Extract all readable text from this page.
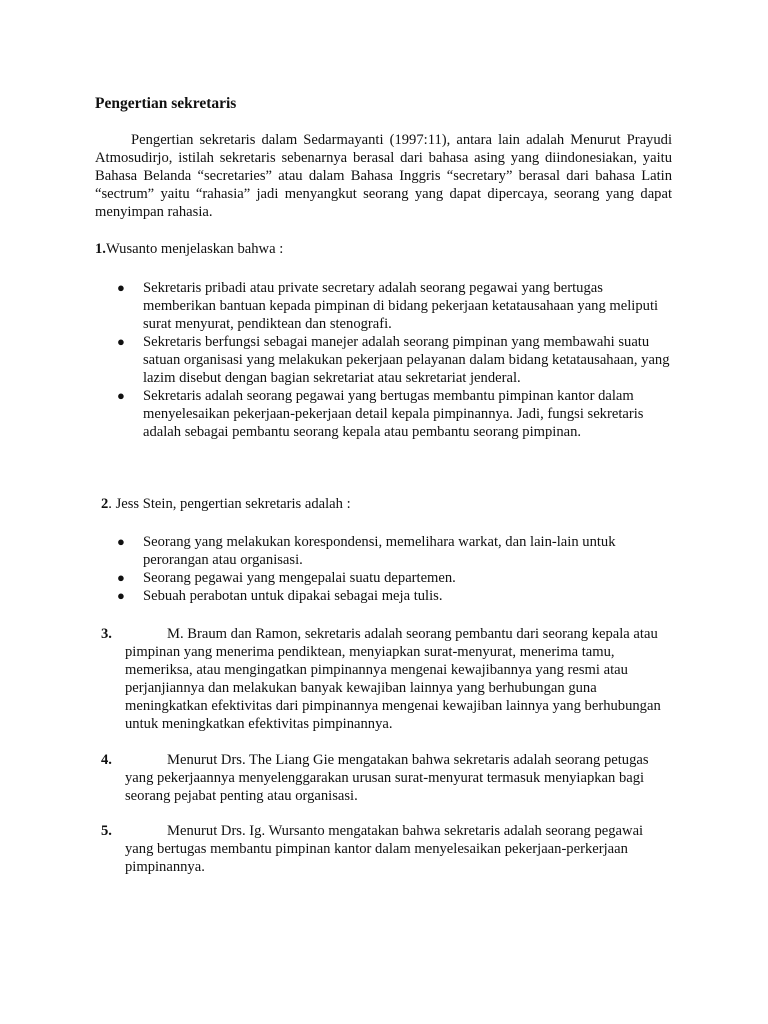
Pengertian sekretaris

Pengertian sekretaris dalam Sedarmayanti (1997:11), antara lain adalah Menurut Prayudi Atmosudirjo, istilah sekretaris sebenarnya berasal dari bahasa asing yang diindonesiakan, yaitu Bahasa Belanda “secretaries” atau dalam Bahasa Inggris “secretary” berasal dari bahasa Latin “sectrum” yaitu “rahasia” jadi menyangkut seorang yang dapat dipercaya, seorang yang dapat menyimpan rahasia.

1.Wusanto menjelaskan bahwa :
● Sekretaris pribadi atau private secretary adalah seorang pegawai yang bertugas memberikan bantuan kepada pimpinan di bidang pekerjaan ketatausahaan yang meliputi surat menyurat, pendiktean dan stenografi.
● Sekretaris berfungsi sebagai manejer adalah seorang pimpinan yang membawahi suatu satuan organisasi yang melakukan pekerjaan pelayanan dalam bidang ketatausahaan, yang lazim disebut dengan bagian sekretariat atau sekretariat jenderal.
● Sekretaris adalah seorang pegawai yang bertugas membantu pimpinan kantor dalam menyelesaikan pekerjaan-pekerjaan detail kepala pimpinannya. Jadi, fungsi sekretaris adalah sebagai pembantu seorang kepala atau pembantu seorang pimpinan.
2. Jess Stein, pengertian sekretaris adalah :
● Seorang yang melakukan korespondensi, memelihara warkat, dan lain-lain untuk perorangan atau organisasi.
● Seorang pegawai yang mengepalai suatu departemen.
● Sebuah perabotan untuk dipakai sebagai meja tulis.
3.	M. Braum dan Ramon, sekretaris adalah seorang pembantu dari seorang kepala atau pimpinan yang menerima pendiktean, menyiapkan surat-menyurat, menerima tamu, memeriksa, atau mengingatkan pimpinannya mengenai kewajibannya yang resmi atau perjanjiannya dan melakukan banyak kewajiban lainnya yang berhubungan guna meningkatkan efektivitas dari pimpinannya mengenai kewajiban lainnya yang berhubungan untuk meningkatkan efektivitas pimpinannya.
4.	Menurut Drs. The Liang Gie mengatakan bahwa sekretaris adalah seorang petugas yang pekerjaannya menyelenggarakan urusan surat-menyurat termasuk menyiapkan bagi seorang pejabat penting atau organisasi.
5.	Menurut Drs. Ig. Wursanto mengatakan bahwa sekretaris adalah seorang pegawai yang bertugas membantu pimpinan kantor dalam menyelesaikan pekerjaan-perkerjaan pimpinannya.
